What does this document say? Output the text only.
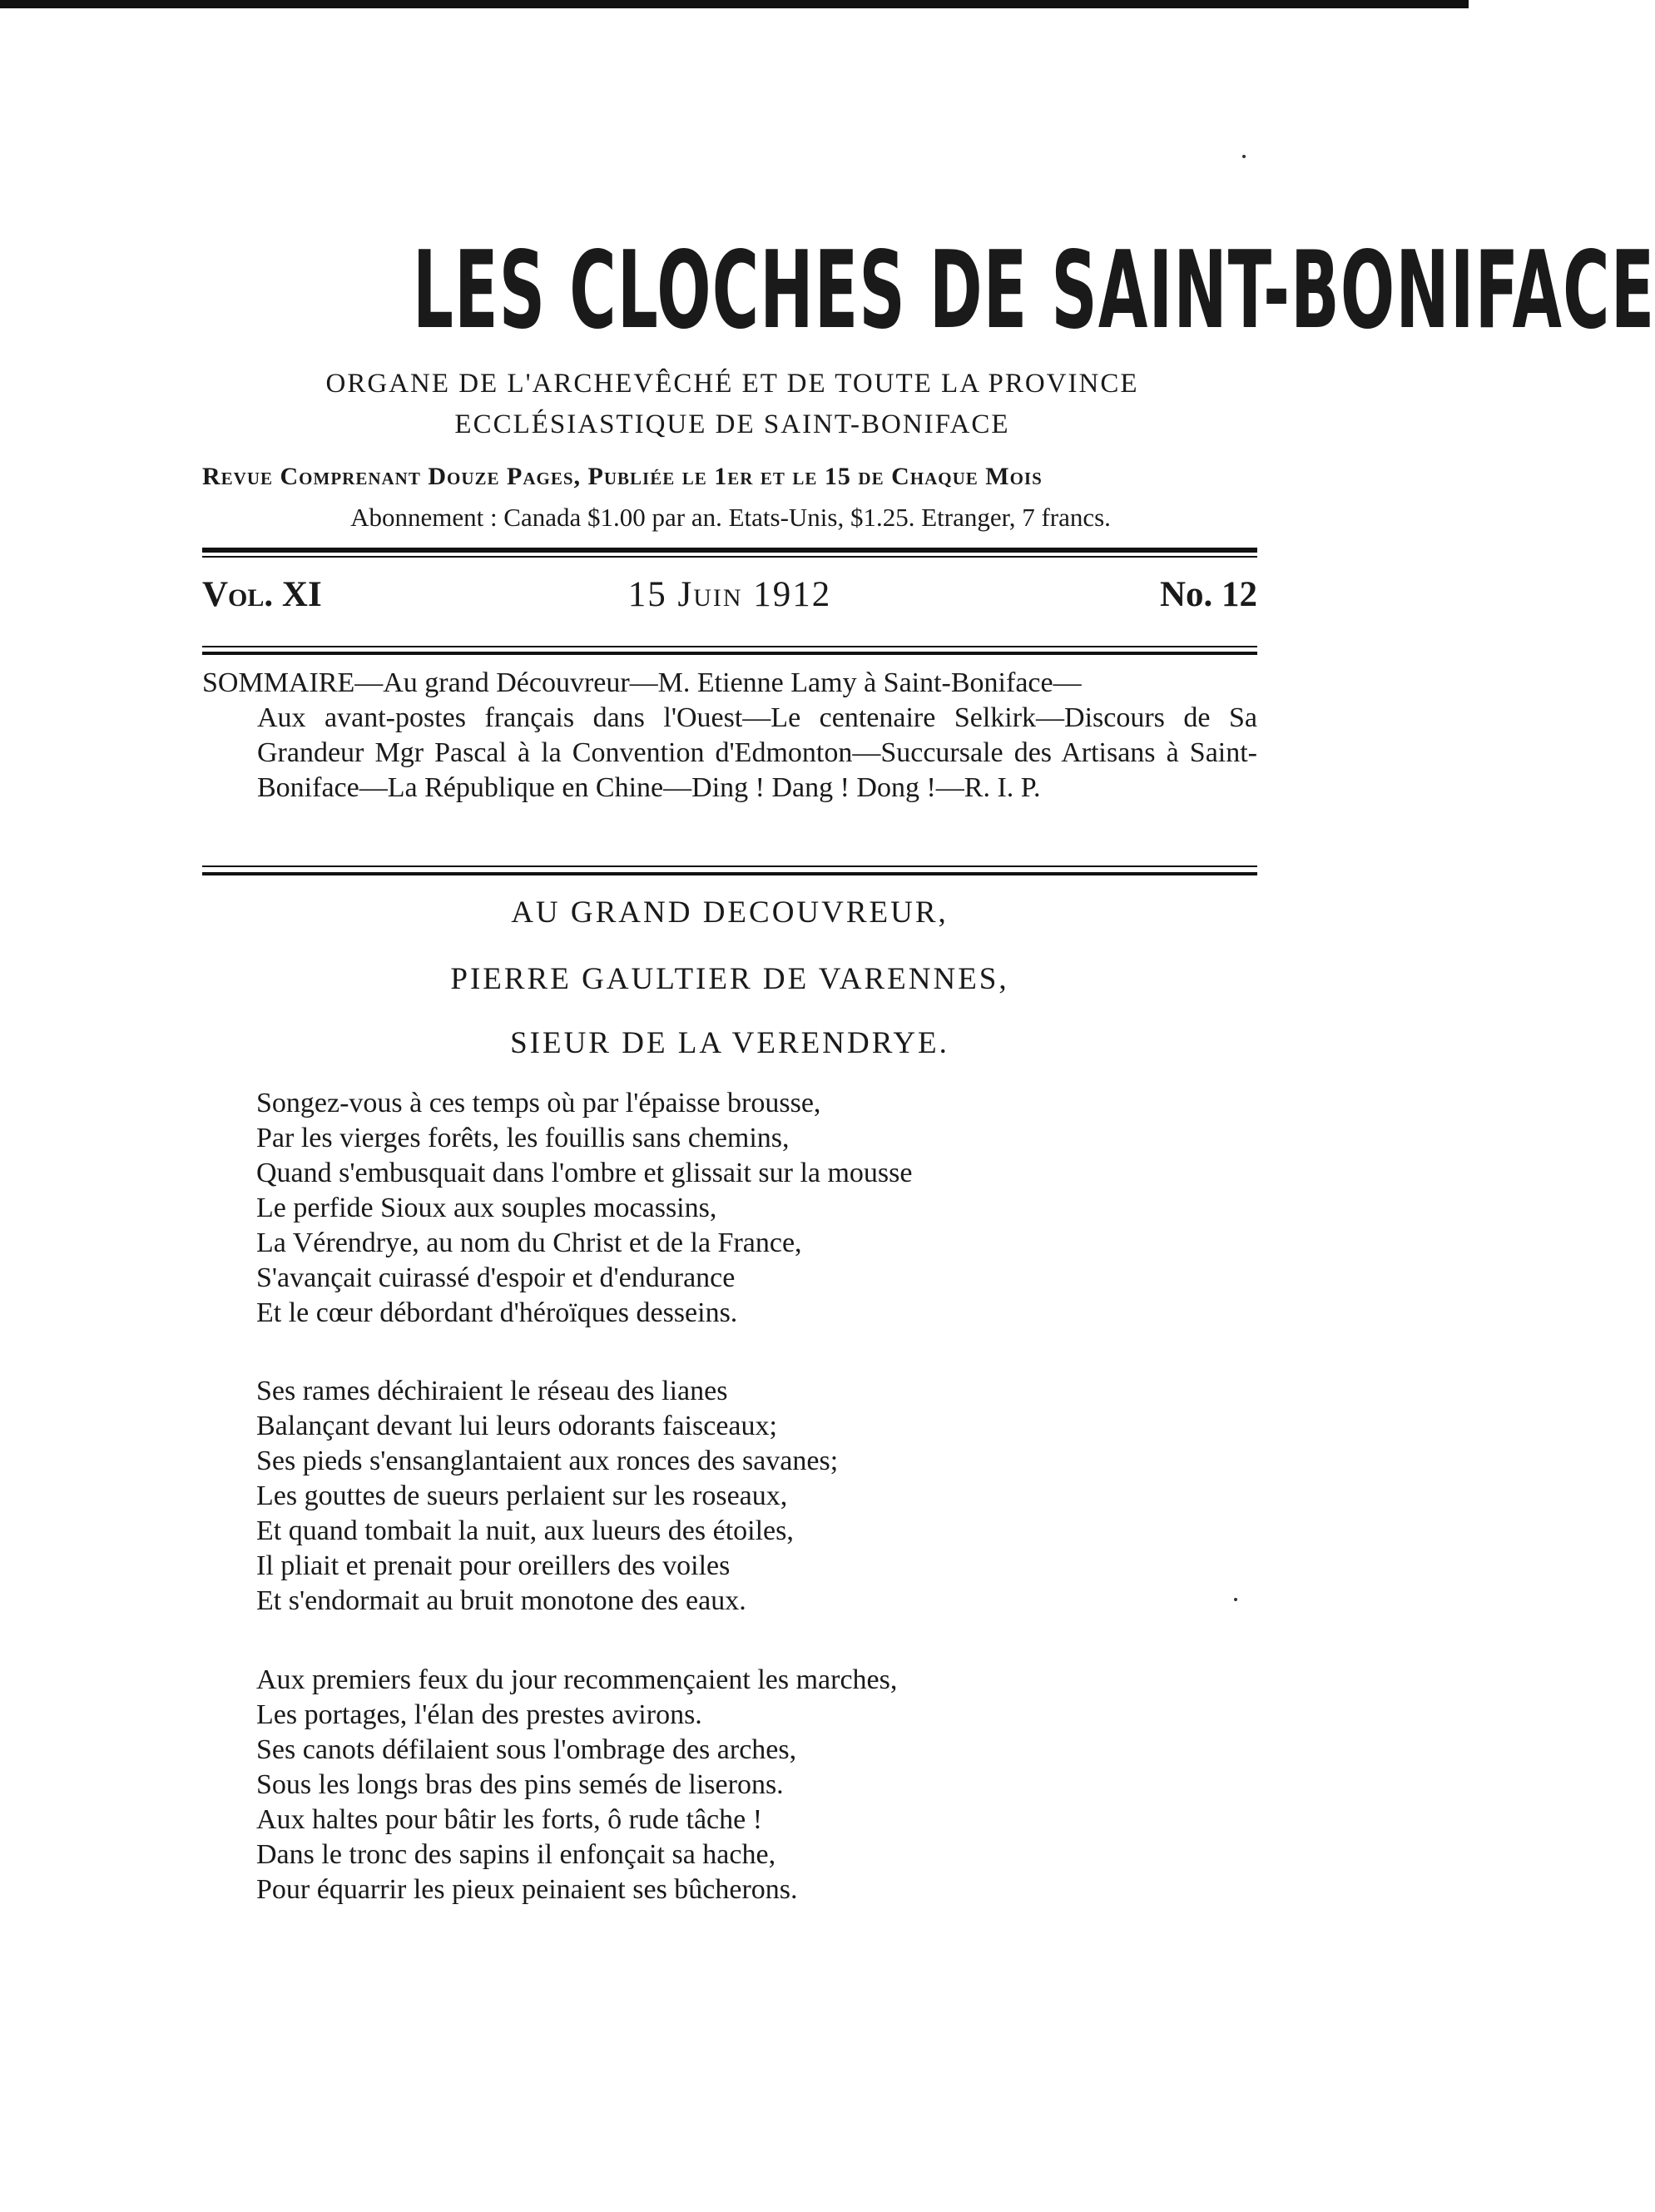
LES CLOCHES DE SAINT-BONIFACE
ORGANE DE L'ARCHEVÊCHÉ ET DE TOUTE LA PROVINCE
ECCLÉSIASTIQUE DE SAINT-BONIFACE
Revue Comprenant Douze Pages, Publiée le 1er et le 15 de Chaque Mois
Abonnement : Canada $1.00 par an. Etats-Unis, $1.25. Etranger, 7 francs.
Vol. XI	15 Juin 1912	No. 12
SOMMAIRE—Au grand Découvreur—M. Etienne Lamy à Saint-Boniface—
Aux avant-postes français dans l'Ouest—Le centenaire Selkirk—Discours de Sa Grandeur Mgr Pascal à la Convention d'Edmonton—Succursale des Artisans à Saint-Boniface—La République en Chine—Ding ! Dang ! Dong !—R. I. P.
AU GRAND DECOUVREUR,
PIERRE GAULTIER DE VARENNES,
SIEUR DE LA VERENDRYE.
Songez-vous à ces temps où par l'épaisse brousse,
Par les vierges forêts, les fouillis sans chemins,
Quand s'embusquait dans l'ombre et glissait sur la mousse
Le perfide Sioux aux souples mocassins,
La Vérendrye, au nom du Christ et de la France,
S'avançait cuirassé d'espoir et d'endurance
Et le cœur débordant d'héroïques desseins.
Ses rames déchiraient le réseau des lianes
Balançant devant lui leurs odorants faisceaux;
Ses pieds s'ensanglantaient aux ronces des savanes;
Les gouttes de sueurs perlaient sur les roseaux,
Et quand tombait la nuit, aux lueurs des étoiles,
Il pliait et prenait pour oreillers des voiles
Et s'endormait au bruit monotone des eaux.
Aux premiers feux du jour recommençaient les marches,
Les portages, l'élan des prestes avirons.
Ses canots défilaient sous l'ombrage des arches,
Sous les longs bras des pins semés de liserons.
Aux haltes pour bâtir les forts, ô rude tâche !
Dans le tronc des sapins il enfonçait sa hache,
Pour équarrir les pieux peinaient ses bûcherons.
